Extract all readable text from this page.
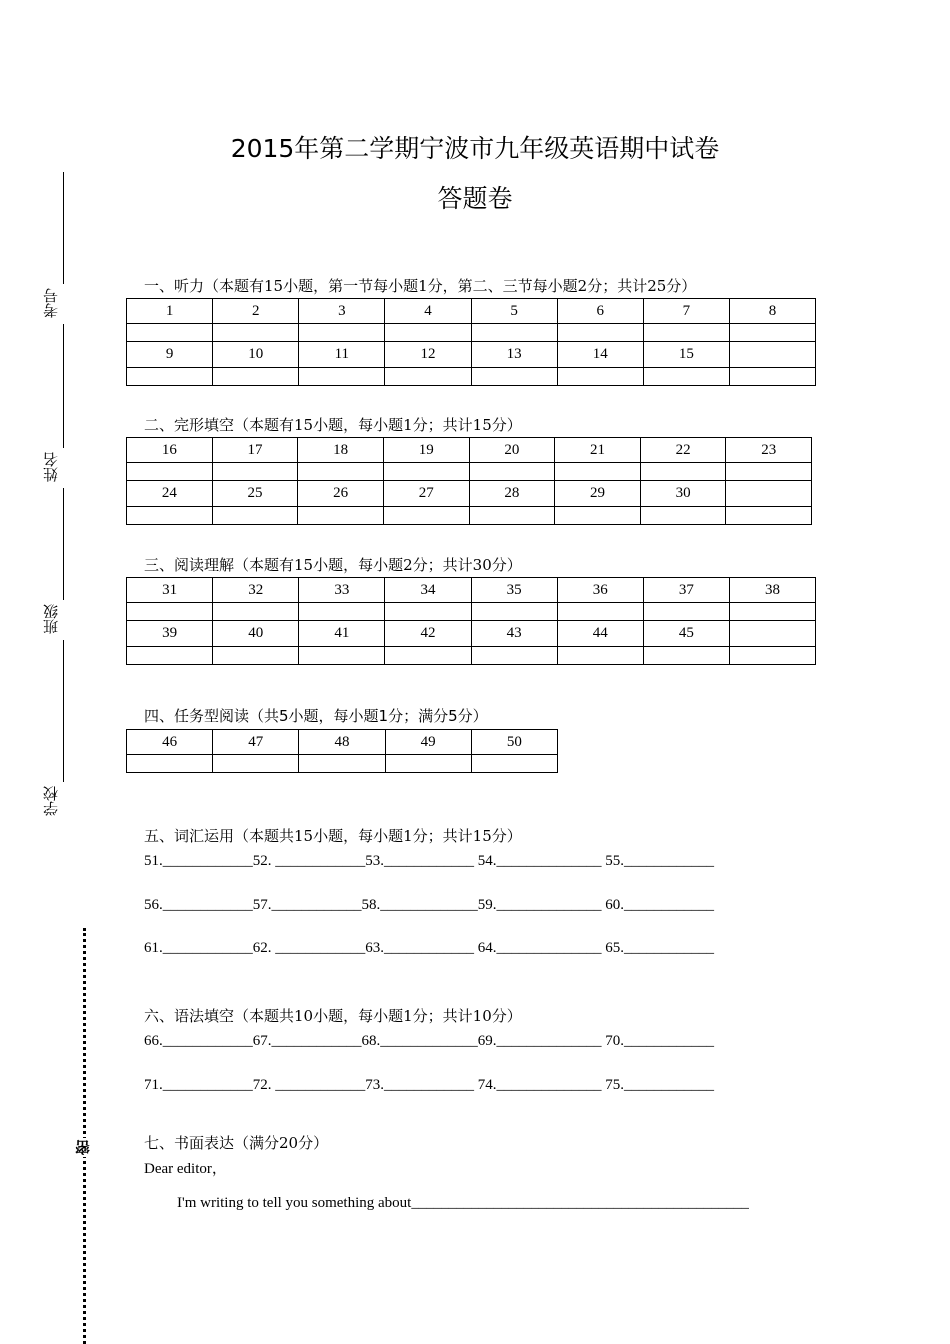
2015年第二学期宁波市九年级英语期中试卷
答题卷
考号
姓名
班级
学校
密
一、听力（本题有15小题，第一节每小题1分，第二、三节每小题2分；共计25分）
1	2	3	4	5	6	7	8

9	10	11	12	13	14	15	

二、完形填空（本题有15小题，每小题1分；共计15分）
16	17	18	19	20	21	22	23

24	25	26	27	28	29	30	

三、阅读理解（本题有15小题，每小题2分；共计30分）
31	32	33	34	35	36	37	38

39	40	41	42	43	44	45	

四、任务型阅读（共5小题，每小题1分；满分5分）
46	47	48	49	50

五、词汇运用（本题共15小题，每小题1分；共计15分）
51.____________52. ____________53.____________ 54.______________ 55.____________
56.____________57.____________58._____________59.______________ 60.____________
61.____________62. ____________63.____________ 64.______________ 65.____________
六、语法填空（本题共10小题，每小题1分；共计10分）
66.____________67.____________68._____________69.______________ 70.____________
71.____________72. ____________73.____________ 74.______________ 75.____________
七、书面表达（满分20分）
Dear editor，
I'm writing to tell you something about_____________________________________________
